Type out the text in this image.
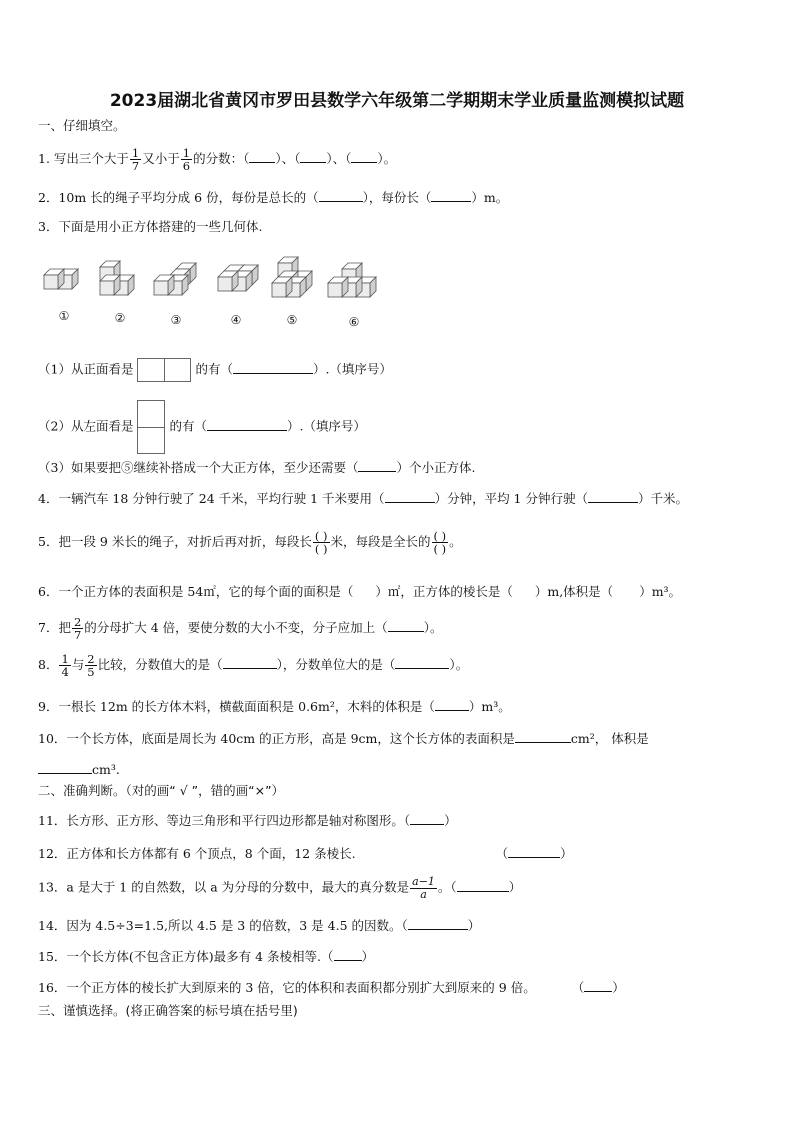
2023届湖北省黄冈市罗田县数学六年级第二学期期末学业质量监测模拟试题
一、仔细填空。
1. 写出三个大于 $\frac{1}{7}$ 又小于 $\frac{1}{6}$ 的分数：（ ）、（ ）、（ ）。
2．10m 长的绳子平均分成 6 份，每份是总长的（	），每份长（	）m。
3．下面是用小正方体搭建的一些几何体.
①	②	③	④	⑤	⑥
（1）从正面看是	的有（	）.（填序号）
（2）从左面看是	的有（	）.（填序号）
（3）如果要把⑤继续补搭成一个大正方体，至少还需要（	）个小正方体.
4．一辆汽车 18 分钟行驶了 24 千米，平均行驶 1 千米要用（	）分钟，平均 1 分钟行驶（	）千米。
5．把一段 9 米长的绳子，对折后再对折，每段长 $\frac{( )}{( )}$ 米，每段是全长的 $\frac{( )}{( )}$ 。
6．一个正方体的表面积是 54㎡，它的每个面的面积是（ ）㎡，正方体的棱长是（ ）m,体积是（ ）m³。
7．把 $\frac{2}{7}$ 的分母扩大 4 倍，要使分数的大小不变，分子应加上（	）。
8． $\frac{1}{4}$ 与 $\frac{2}{5}$ 比较，分数值大的是（	），分数单位大的是（	）。
9．一根长 12m 的长方体木料，横截面面积是 0.6m²，木料的体积是（	）m³。
10．一个长方体，底面是周长为 40cm 的正方形，高是 9cm，这个长方体的表面积是	cm²， 体积是
cm³.
二、准确判断。（对的画“ √ ”，错的画“×”）
11．长方形、正方形、等边三角形和平行四边形都是轴对称图形。（	）
12．正方体和长方体都有 6 个顶点，8 个面，12 条棱长.	（	）
13．a 是大于 1 的自然数，以 a 为分母的分数中，最大的真分数是 $\frac{a-1}{a}$ 。（	）
14．因为 4.5÷3=1.5,所以 4.5 是 3 的倍数，3 是 4.5 的因数。（	）
15．一个长方体(不包含正方体)最多有 4 条棱相等.（ ）
16．一个正方体的棱长扩大到原来的 3 倍，它的体积和表面积都分别扩大到原来的 9 倍。	（ ）
三、谨慎选择。(将正确答案的标号填在括号里)
